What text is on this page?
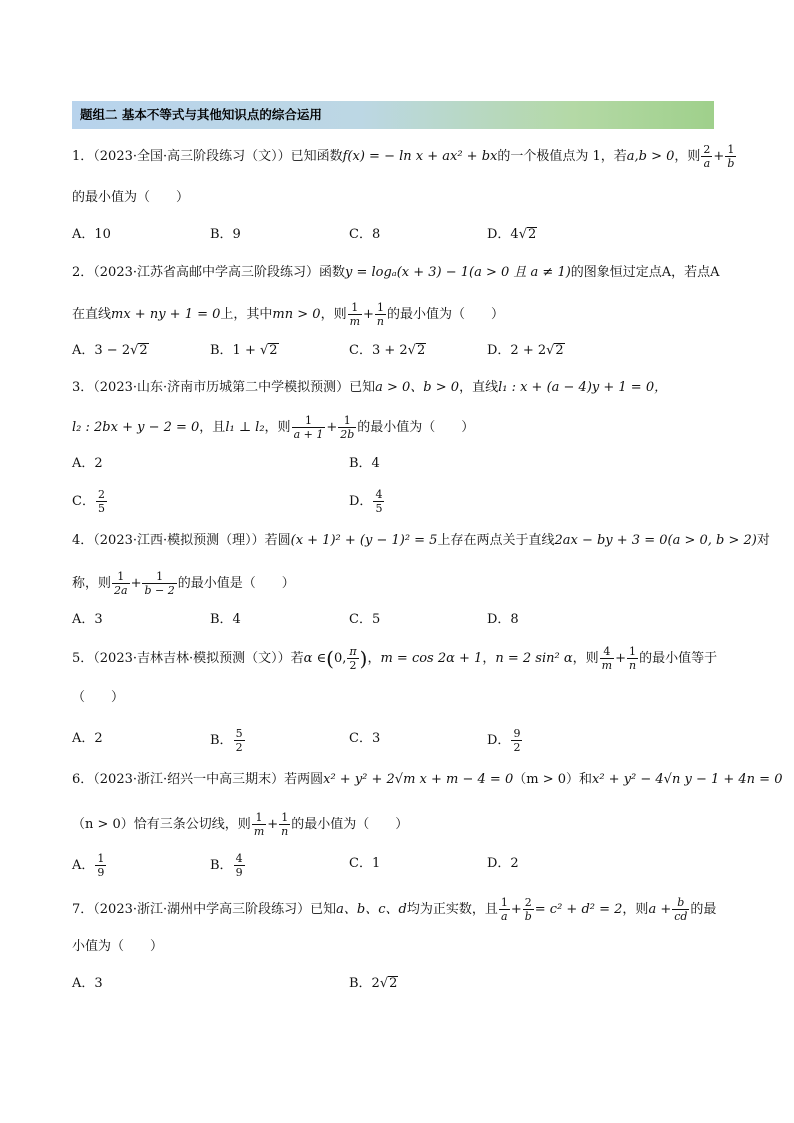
题组二 基本不等式与其他知识点的综合运用
1．（2023·全国·高三阶段练习（文））已知函数f(x) = − ln x + ax² + bx的一个极值点为 1，若a,b > 0，则 $\frac{2}{a} + \frac{1}{b}$
的最小值为（　　）
A．10	B．9	C．8	D．4√2
2．（2023·江苏省高邮中学高三阶段练习）函数y = logₐ(x + 3) − 1(a > 0 且 a ≠ 1)的图象恒过定点A，若点A
在直线mx + ny + 1 = 0上，其中mn > 0，则 $\frac{1}{m} + \frac{1}{n}$ 的最小值为（　　）
A．3 − 2√2	B．1 + √2	C．3 + 2√2	D．2 + 2√2
3．（2023·山东·济南市历城第二中学模拟预测）已知a > 0、b > 0，直线l₁ : x + (a − 4)y + 1 = 0，
l₂ : 2bx + y − 2 = 0，且l₁ ⊥ l₂，则 $\frac{1}{a + 1} + \frac{1}{2b}$ 的最小值为（　　）
A．2	B．4
C． $\frac{2}{5}$	D． $\frac{4}{5}$
4．（2023·江西·模拟预测（理））若圆(x + 1)² + (y − 1)² = 5上存在两点关于直线2ax − by + 3 = 0(a > 0, b > 2)对
称，则 $\frac{1}{2a} + \frac{1}{b - 2}$ 的最小值是（　　）
A．3	B．4	C．5	D．8
5．（2023·吉林吉林·模拟预测（文））若α ∈(0, $\frac{\pi}{2}$ )，m = cos 2α + 1，n = 2 sin² α，则 $\frac{4}{m} + \frac{1}{n}$ 的最小值等于
（　　）
A．2	B． $\frac{5}{2}$	C．3	D． $\frac{9}{2}$
6．（2023·浙江·绍兴一中高三期末）若两圆x² + y² + 2√m x + m − 4 = 0（m > 0）和x² + y² − 4√n y − 1 + 4n = 0
（n > 0）恰有三条公切线，则 $\frac{1}{m} + \frac{1}{n}$ 的最小值为（　　）
A． $\frac{1}{9}$	B． $\frac{4}{9}$	C．1	D．2
7．（2023·浙江·湖州中学高三阶段练习）已知a、b、c、d均为正实数，且 $\frac{1}{a} + \frac{2}{b} = c^2 + d^2 = 2$，则$a + \frac{b}{cd}$ 的最
小值为（　　）
A．3	B．2√2
